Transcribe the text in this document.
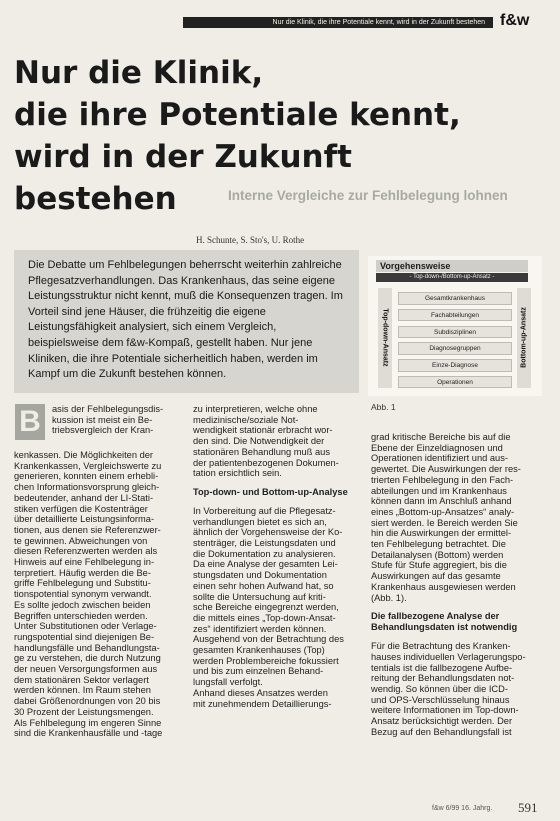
Nur die Klinik, die ihre Potentiale kennt, wird in der Zukunft bestehen f&w
Nur die Klinik,
die ihre Potentiale kennt,
wird in der Zukunft
bestehen	Interne Vergleiche zur Fehlbelegung lohnen
H. Schunte, S. Sto's, U. Rothe

Die Debatte um Fehlbelegungen beherrscht weiterhin zahlreiche Pflegesatzverhandlungen. Das Krankenhaus, das seine eigene Leistungsstruktur nicht kennt, muß die Konsequenzen tragen. Im Vorteil sind jene Häuser, die frühzeitig die eigene Leistungsfähigkeit analysiert, sich einem Vergleich, beispielsweise dem f&w-Kompaß, gestellt haben. Nur jene Kliniken, die ihre Potentiale sicherheitlich haben, werden im Kampf um die Zukunft bestehen können.

Vorgehensweise
- Top-down-/Bottom-up-Ansatz -
Top-down-Ansatz	Bottom-up-Ansatz
Gesamtkrankenhaus
Fachabteilungen
Subdisziplinen
Diagnosegruppen
Einze-Diagnose
Operationen
Abb. 1
B	asis der Fehlbelegungsdis-
kussion ist meist ein Be-
triebsvergleich der Kran-
kenkassen. Die Möglichkeiten der
Krankenkassen, Vergleichswerte zu
generieren, konnten einem erhebli-
chen Informationsvorsprung gleich-
bedeutender, anhand der LI-Stati-
stiken verfügen die Kostenträger
über detaillierte Leistungsinforma-
tionen, aus denen sie Referenzwer-
te gewinnen. Abweichungen von
diesen Referenzwerten werden als
Hinweis auf eine Fehlbelegung in-
terpretiert. Häufig werden die Be-
griffe Fehlbelegung und Substitu-
tionspotential synonym verwandt.
Es sollte jedoch zwischen beiden
Begriffen unterschieden werden.
Unter Substitutionen oder Verlage-
rungspotential sind diejenigen Be-
handlungsfälle und Behandlungsta-
ge zu verstehen, die durch Nutzung
der neuen Versorgungsformen aus
dem stationären Sektor verlagert
werden können. Im Raum stehen
dabei Größenordnungen von 20 bis
30 Prozent der Leistungsmengen.
Als Fehlbelegung im engeren Sinne
sind die Krankenhausfälle und -tage
zu interpretieren, welche ohne
medizinische/soziale Not-
wendigkeit stationär erbracht wor-
den sind. Die Notwendigkeit der
stationären Behandlung muß aus
der patientenbezogenen Dokumen-
tation ersichtlich sein.
Top-down- und Bottom-up-Analyse
In Vorbereitung auf die Pflegesatz-
verhandlungen bietet es sich an,
ähnlich der Vorgehensweise der Ko-
stenträger, die Leistungsdaten und
die Dokumentation zu analysieren.
Da eine Analyse der gesamten Lei-
stungsdaten und Dokumentation
einen sehr hohen Aufwand hat, so
sollte die Untersuchung auf kriti-
sche Bereiche eingegrenzt werden,
die mittels eines „Top-down-Ansat-
zes“ identifiziert werden können.
Ausgehend von der Betrachtung des
gesamten Krankenhauses (Top)
werden Problembereiche fokussiert
und bis zum einzelnen Behand-
lungsfall verfolgt.
Anhand dieses Ansatzes werden
mit zunehmendem Detaillierungs-
grad kritische Bereiche bis auf die
Ebene der Einzeldiagnosen und
Operationen identifiziert und aus-
gewertet. Die Auswirkungen der res-
trierten Fehlbelegung in den Fach-
abteilungen und im Krankenhaus
können dann im Anschluß anhand
eines „Bottom-up-Ansatzes“ analy-
siert werden. Ie Bereich werden Sie
hin die Auswirkungen der ermittel-
ten Fehlbelegung betrachtet. Die
Detailanalysen (Bottom) werden
Stufe für Stufe aggregiert, bis die
Auswirkungen auf das gesamte
Krankenhaus ausgewiesen werden
(Abb. 1).
Die fallbezogene Analyse der Behandlungsdaten ist notwendig
Für die Betrachtung des Kranken-
hauses individuellen Verlagerungspo-
tentials ist die fallbezogene Aufbe-
reitung der Behandlungsdaten not-
wendig. So können über die ICD-
und OPS-Verschlüsselung hinaus
weitere Informationen im Top-down-
Ansatz berücksichtigt werden. Der
Bezug auf den Behandlungsfall ist
f&w 6/99 16. Jahrg. 591
